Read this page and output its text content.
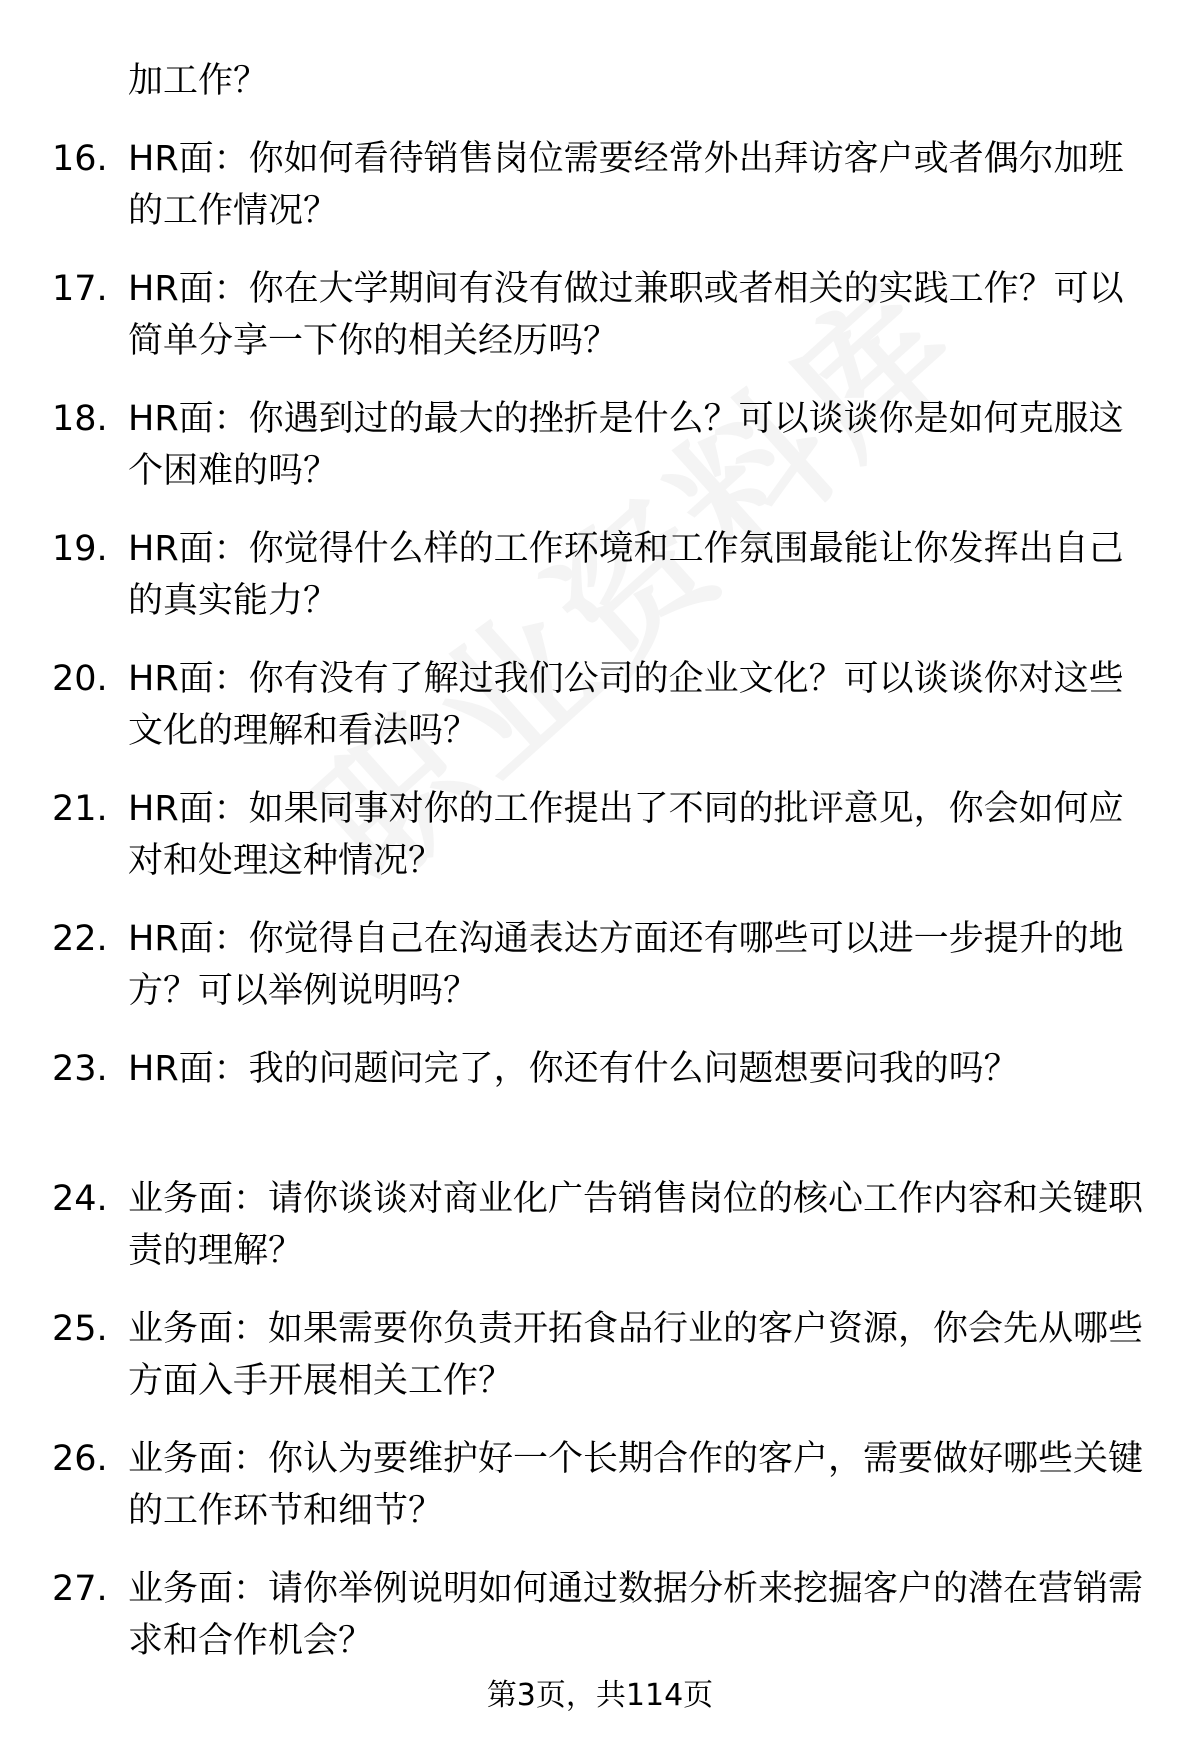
加工作？
16. HR面：你如何看待销售岗位需要经常外出拜访客户或者偶尔加班的工作情况？
17. HR面：你在大学期间有没有做过兼职或者相关的实践工作？可以简单分享一下你的相关经历吗？
18. HR面：你遇到过的最大的挫折是什么？可以谈谈你是如何克服这个困难的吗？
19. HR面：你觉得什么样的工作环境和工作氛围最能让你发挥出自己的真实能力？
20. HR面：你有没有了解过我们公司的企业文化？可以谈谈你对这些文化的理解和看法吗？
21. HR面：如果同事对你的工作提出了不同的批评意见，你会如何应对和处理这种情况？
22. HR面：你觉得自己在沟通表达方面还有哪些可以进一步提升的地方？可以举例说明吗？
23. HR面：我的问题问完了，你还有什么问题想要问我的吗？
24. 业务面：请你谈谈对商业化广告销售岗位的核心工作内容和关键职责的理解？
25. 业务面：如果需要你负责开拓食品行业的客户资源，你会先从哪些方面入手开展相关工作？
26. 业务面：你认为要维护好一个长期合作的客户，需要做好哪些关键的工作环节和细节？
27. 业务面：请你举例说明如何通过数据分析来挖掘客户的潜在营销需求和合作机会？
第3页，共114页
